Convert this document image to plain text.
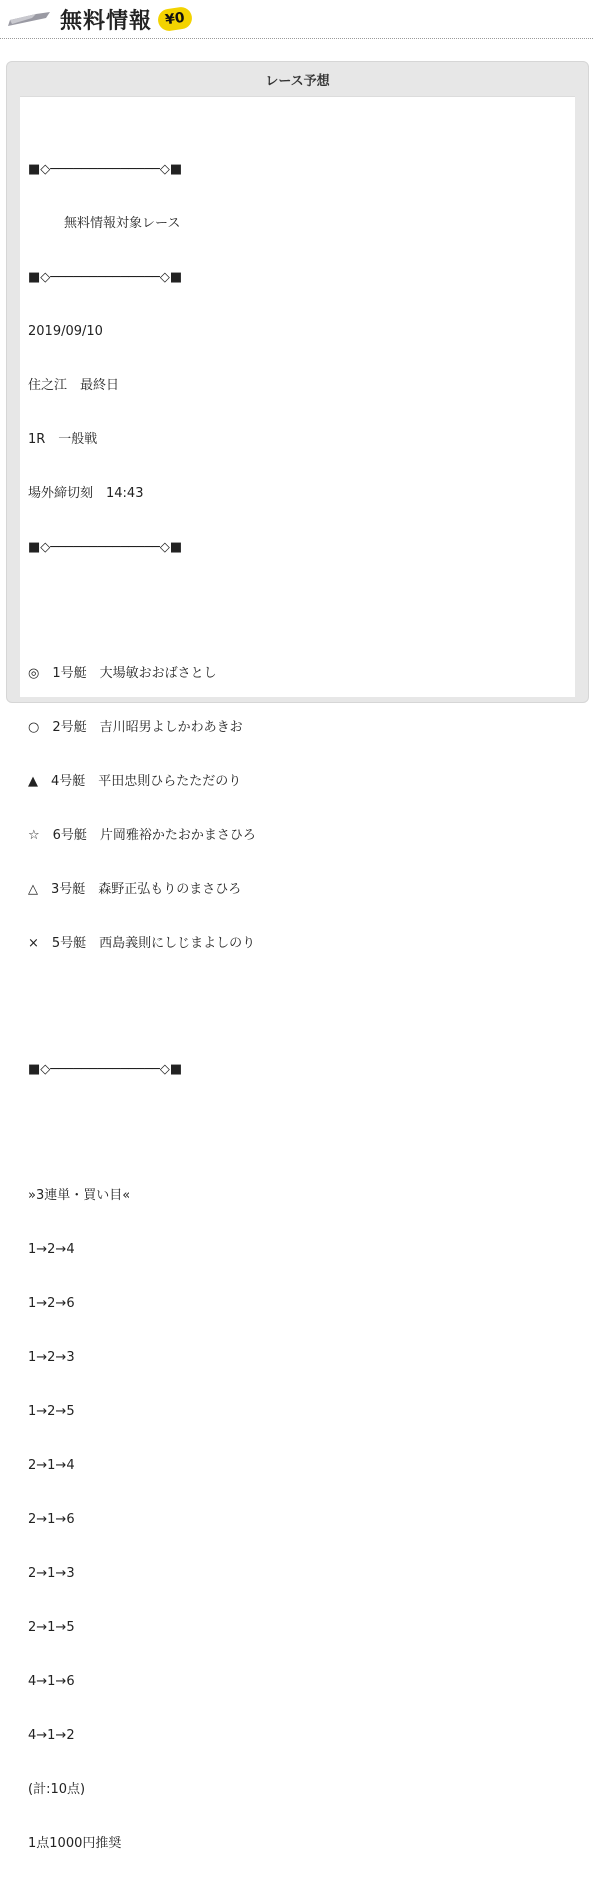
無料情報 ¥0
レース予想

■◇──────────────◇■

無料情報対象レース

■◇──────────────◇■

2019/09/10

住之江　最終日

1R　一般戦

場外締切刻　14:43

■◇──────────────◇■

◎　1号艇　大場敏おおばさとし

○　2号艇　吉川昭男よしかわあきお

▲　4号艇　平田忠則ひらたただのり

☆　6号艇　片岡雅裕かたおかまさひろ

△　3号艇　森野正弘もりのまさひろ

×　5号艇　西島義則にしじまよしのり

■◇──────────────◇■

»3連単・買い目«

1→2→4

1→2→6

1→2→3

1→2→5

2→1→4

2→1→6

2→1→3

2→1→5

4→1→6

4→1→2

(計:10点)

1点1000円推奨
